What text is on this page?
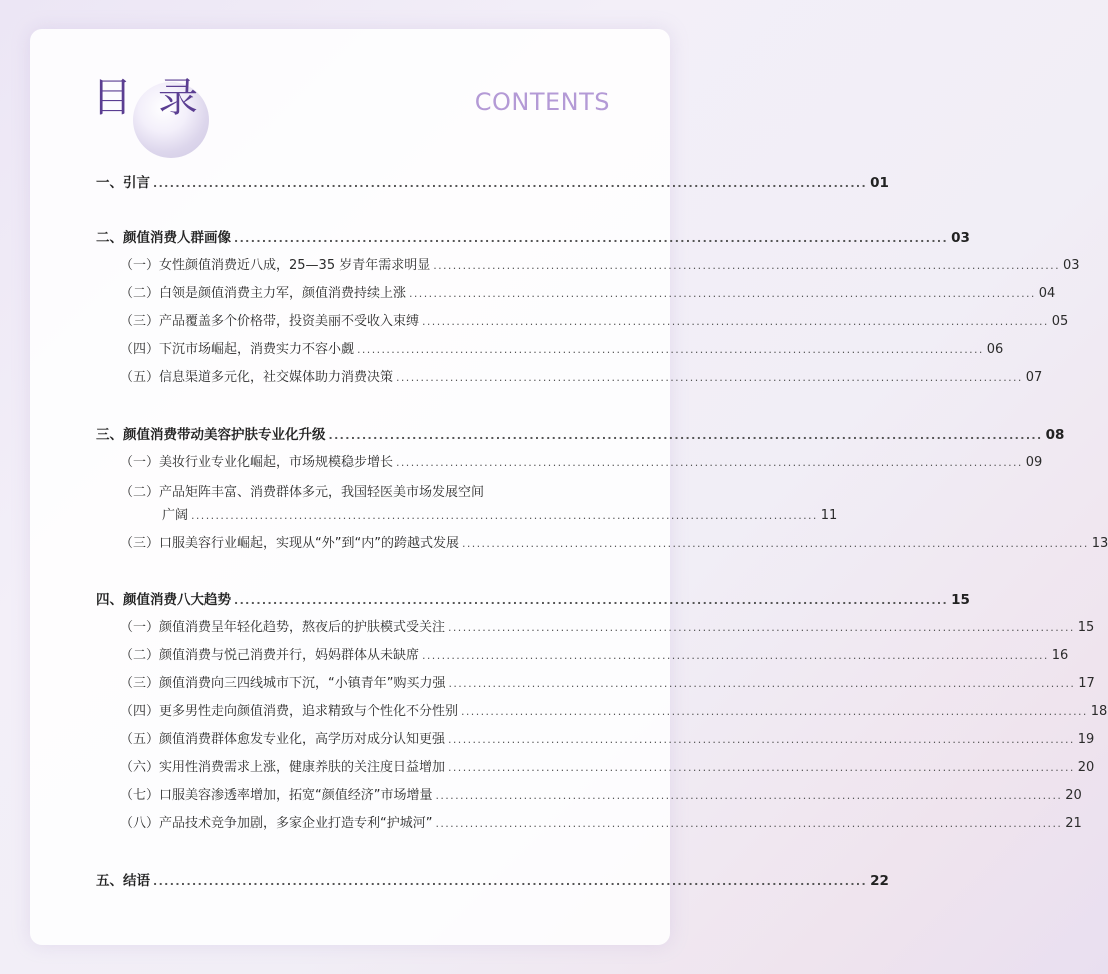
目录	CONTENTS
一、引言 ................................................................................................................................ 01
二、颜值消费人群画像 ................................................................................................................................ 03
（一）女性颜值消费近八成，25—35 岁青年需求明显 ................................................................................................................................ 03
（二）白领是颜值消费主力军，颜值消费持续上涨 ................................................................................................................................ 04
（三）产品覆盖多个价格带，投资美丽不受收入束缚 ................................................................................................................................ 05
（四）下沉市场崛起，消费实力不容小觑 ................................................................................................................................ 06
（五）信息渠道多元化，社交媒体助力消费决策 ................................................................................................................................ 07
三、颜值消费带动美容护肤专业化升级 ................................................................................................................................ 08
（一）美妆行业专业化崛起，市场规模稳步增长 ................................................................................................................................ 09
（二）产品矩阵丰富、消费群体多元，我国轻医美市场发展空间
广阔 ................................................................................................................................ 11
（三）口服美容行业崛起，实现从“外”到“内”的跨越式发展 ................................................................................................................................ 13
四、颜值消费八大趋势 ................................................................................................................................ 15
（一）颜值消费呈年轻化趋势，熬夜后的护肤模式受关注 ................................................................................................................................ 15
（二）颜值消费与悦己消费并行，妈妈群体从未缺席 ................................................................................................................................ 16
（三）颜值消费向三四线城市下沉，“小镇青年”购买力强 ................................................................................................................................ 17
（四）更多男性走向颜值消费，追求精致与个性化不分性别 ................................................................................................................................ 18
（五）颜值消费群体愈发专业化，高学历对成分认知更强 ................................................................................................................................ 19
（六）实用性消费需求上涨，健康养肤的关注度日益增加 ................................................................................................................................ 20
（七）口服美容渗透率增加，拓宽“颜值经济”市场增量 ................................................................................................................................ 20
（八）产品技术竞争加剧，多家企业打造专利“护城河” ................................................................................................................................ 21
五、结语 ................................................................................................................................ 22
